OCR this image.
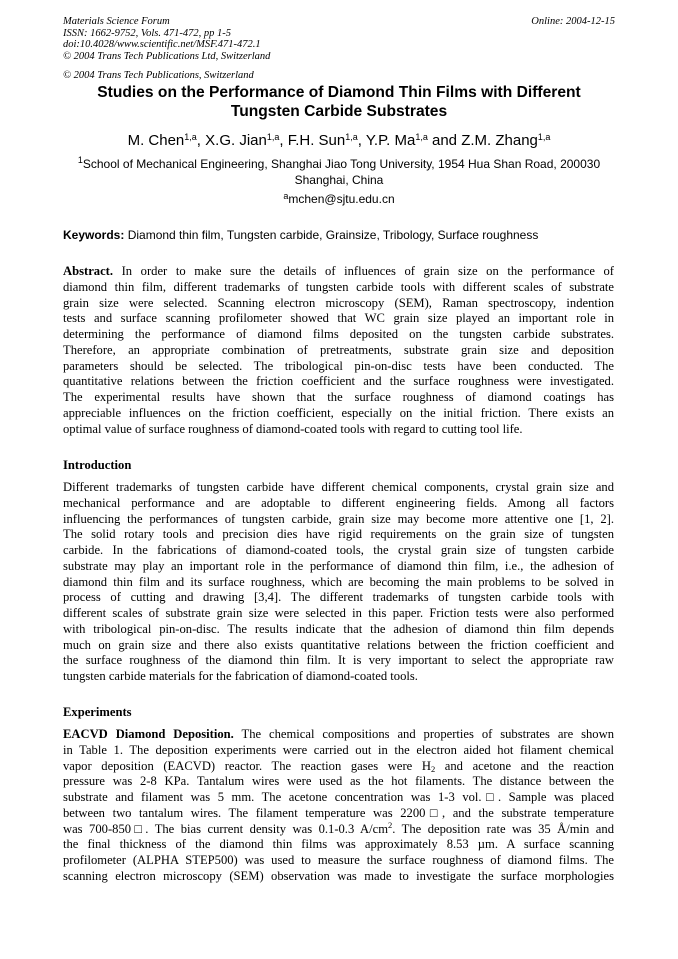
Materials Science Forum
ISSN: 1662-9752, Vols. 471-472, pp 1-5
doi:10.4028/www.scientific.net/MSF.471-472.1
© 2004 Trans Tech Publications Ltd, Switzerland
Online: 2004-12-15
© 2004 Trans Tech Publications, Switzerland
Studies on the Performance of Diamond Thin Films with Different
Tungsten Carbide Substrates
M. Chen$^{1,a}$, X.G. Jian$^{1,a}$, F.H. Sun$^{1,a}$, Y.P. Ma$^{1,a}$ and Z.M. Zhang$^{1,a}$
$^1$School of Mechanical Engineering, Shanghai Jiao Tong University, 1954 Hua Shan Road, 200030
Shanghai, China
$^a$mchen@sjtu.edu.cn
Keywords: Diamond thin film, Tungsten carbide, Grainsize, Tribology, Surface roughness
Abstract. In order to make sure the details of influences of grain size on the performance of
diamond thin film, different trademarks of tungsten carbide tools with different scales of substrate
grain size were selected. Scanning electron microscopy (SEM), Raman spectroscopy, indention
tests and surface scanning profilometer showed that WC grain size played an important role in
determining the performance of diamond films deposited on the tungsten carbide substrates.
Therefore, an appropriate combination of pretreatments, substrate grain size and deposition
parameters should be selected. The tribological pin-on-disc tests have been conducted. The
quantitative relations between the friction coefficient and the surface roughness were investigated.
The experimental results have shown that the surface roughness of diamond coatings has
appreciable influences on the friction coefficient, especially on the initial friction. There exists an
optimal value of surface roughness of diamond-coated tools with regard to cutting tool life.
Introduction
Different trademarks of tungsten carbide have different chemical components, crystal grain size and
mechanical performance and are adoptable to different engineering fields. Among all factors
influencing the performances of tungsten carbide, grain size may become more attentive one [1, 2].
The solid rotary tools and precision dies have rigid requirements on the grain size of tungsten
carbide. In the fabrications of diamond-coated tools, the crystal grain size of tungsten carbide
substrate may play an important role in the performance of diamond thin film, i.e., the adhesion of
diamond thin film and its surface roughness, which are becoming the main problems to be solved in
process of cutting and drawing [3,4]. The different trademarks of tungsten carbide tools with
different scales of substrate grain size were selected in this paper. Friction tests were also performed
with tribological pin-on-disc. The results indicate that the adhesion of diamond thin film depends
much on grain size and there also exists quantitative relations between the friction coefficient and
the surface roughness of the diamond thin film. It is very important to select the appropriate raw
tungsten carbide materials for the fabrication of diamond-coated tools.
Experiments
EACVD Diamond Deposition. The chemical compositions and properties of substrates are shown
in Table 1. The deposition experiments were carried out in the electron aided hot filament chemical
vapor deposition (EACVD) reactor. The reaction gases were $H_2$ and acetone and the reaction
pressure was 2-8 KPa. Tantalum wires were used as the hot filaments. The distance between the
substrate and filament was 5 mm. The acetone concentration was 1-3 vol.□. Sample was placed
between two tantalum wires. The filament temperature was 2200□, and the substrate temperature
was 700-850□. The bias current density was 0.1-0.3 $A/cm^2$. The deposition rate was 35 Å/min and
the final thickness of the diamond thin films was approximately 8.53 µm. A surface scanning
profilometer (ALPHA STEP500) was used to measure the surface roughness of diamond films. The
scanning electron microscopy (SEM) observation was made to investigate the surface morphologies
